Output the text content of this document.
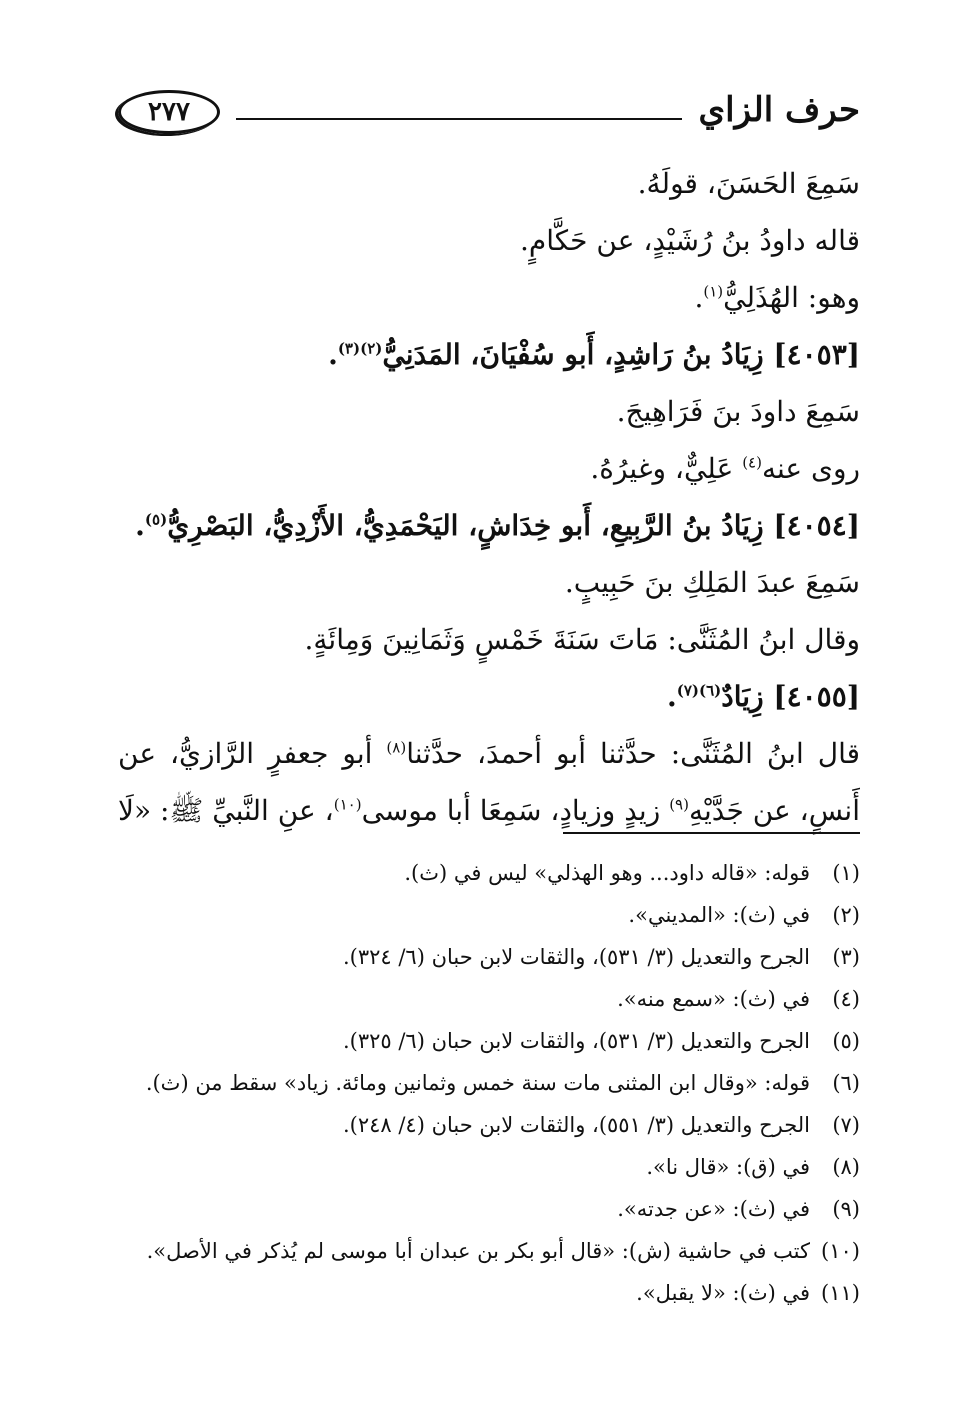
حرف الزاي
٢٧٧
سَمِعَ الحَسَنَ، قولَهُ.
قاله داودُ بنُ رُشَيْدٍ، عن حَكَّامٍ.
وهو: الهُذَلِيُّ$^{(١)}$.
[٤٠٥٣] زِيَادُ بنُ رَاشِدٍ، أَبو سُفْيَانَ، المَدَنِيُّ$^{(٢)(٣)}$.
سَمِعَ داودَ بنَ فَرَاهِيجَ.
روى عنه$^{(٤)}$ عَلِيٌّ، وغيرُهُ.
[٤٠٥٤] زِيَادُ بنُ الرَّبِيعِ، أَبو خِدَاشٍ، اليَحْمَدِيُّ، الأَزْدِيُّ، البَصْرِيُّ$^{(٥)}$.
سَمِعَ عبدَ المَلِكِ بنَ حَبِيبٍ.
وقال ابنُ المُثَنَّى: مَاتَ سَنَةَ خَمْسٍ وَثَمَانِينَ وَمِائَةٍ.
[٤٠٥٥] زِيَادٌ$^{(٦)(٧)}$.
قال ابنُ المُثَنَّى: حدَّثنا أبو أحمدَ، حدَّثنا$^{(٨)}$ أبو جعفرٍ الرَّازيُّ، عن
أَنسٍ، عن جَدَّيْهِ$^{(٩)}$ زيدٍ وزيادٍ، سَمِعَا أبا موسى$^{(١٠)}$، عنِ النَّبيِّ ﷺ: «لَا
(١)قوله: «قاله داود... وهو الهذلي» ليس في (ث).
(٢)في (ث): «المديني».
(٣)الجرح والتعديل (٣/ ٥٣١)، والثقات لابن حبان (٦/ ٣٢٤).
(٤)في (ث): «سمع منه».
(٥)الجرح والتعديل (٣/ ٥٣١)، والثقات لابن حبان (٦/ ٣٢٥).
(٦)قوله: «وقال ابن المثنى مات سنة خمس وثمانين ومائة. زياد» سقط من (ث).
(٧)الجرح والتعديل (٣/ ٥٥١)، والثقات لابن حبان (٤/ ٢٤٨).
(٨)في (ق): «قال نا».
(٩)في (ث): «عن جدته».
(١٠)كتب في حاشية (ش): «قال أبو بكر بن عبدان أبا موسى لم يُذكر في الأصل».
(١١)في (ث): «لا يقبل».
